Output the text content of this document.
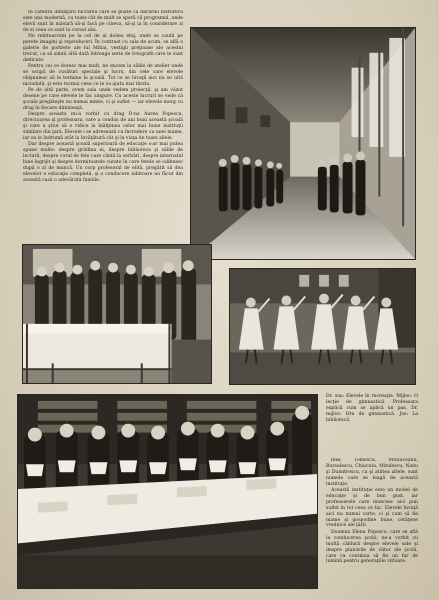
In catedra înfiinţării lucrarea care se poate că librăriei lustrativă este una modernă, cu toate cât de mult se speră că programul, unde elevii sunt în măsură să-şi facă pe cineva, să-şi ia în considerare zi de zi ceea ce sunt la cursul său.

Ne reîntoarcem pe la cel de al doilea etaj, unde se caută pe perete imagini şi reproduceri. În contrast cu sala de acum, se află o galerie de portrete ale lui Mihai, vestigii preţioase ale acestui trecut, ca să simtă altă dată întreaga serie de fotografii care le sunt dedicate.

Pentru cei ce doresc mai mult, ne ducem la sălile de atelier unde se ocupă de cusături speciale şi lucru, din cele care elevele obişnuiesc să le termine la şcoală. Tot ce se învaţă aici nu se uită niciodată, şi este tocmai ceea ce le va ajuta mai târziu.

Pe de altă parte, avem sala unde vedem proiecţii, şi am văzut desene pe care elevele le fac singure. Cu aceste lucruri se vede că şcoala pregăteşte nu numai minte, ci şi suflet — iar elevele merg cu drag în fiecare dimineaţă.

Despre aceasta mi-a vorbit cu drag D-na Aurea Popescu, directoarea şi profesoara, care a condus de ani buni această şcoală şi care a ştiut să o ridice la înălţimea celor mai bune instituţii similare din ţară. Elevele i se adresează cu încredere ca unei mame, iar ea le îndrumă atât la învăţătură cât şi la viaţa de toate zilele.

Dar despre această şcoală superioară de educaţie s-ar mai putea spune multe: despre grădina ei, despre biblioteca şi sălile de lectură, despre corul de fete care cântă la serbări, despre internatul bine îngrijit şi despre dormitoarele curate în care fetele se odihnesc după o zi de muncă. Un corp profesoral de elită, pregătit să dea elevelor o educaţie completă, şi o conducere iubitoare au făcut din această casă o adevărată familie.

Dr. sus: Elevele în recreaţie. Mijloc: O lecţie de gimnastică. Profesoara explică cum se aplică un pas. Dr. mijloc: Ora de gimnastică. Jos: La bibliotecă.

lexe, Tomescu, Mirăuceanu, Bursulescu, Chiucuiu, Mitulescu, Nanu şi Dumitrescu, ca şi atâtea altele, sunt numele care se leagă de această instituţie.

Această instituţie este un model de educaţie şi de bun gust, iar profesoarele care muncesc aici pun suflet în tot ceea ce fac. Elevele învaţă aici nu numai carte, ci şi cum să fie mame şi gospodine bune, cetăţene vrednice ale ţării.

Doamna Elena Popescu, care se află la conducerea şcolii, ne-a vorbit cu multă căldură despre elevele sale şi despre planurile de viitor ale şcolii, care va continua să fie un far de lumină pentru generaţiile viitoare.
